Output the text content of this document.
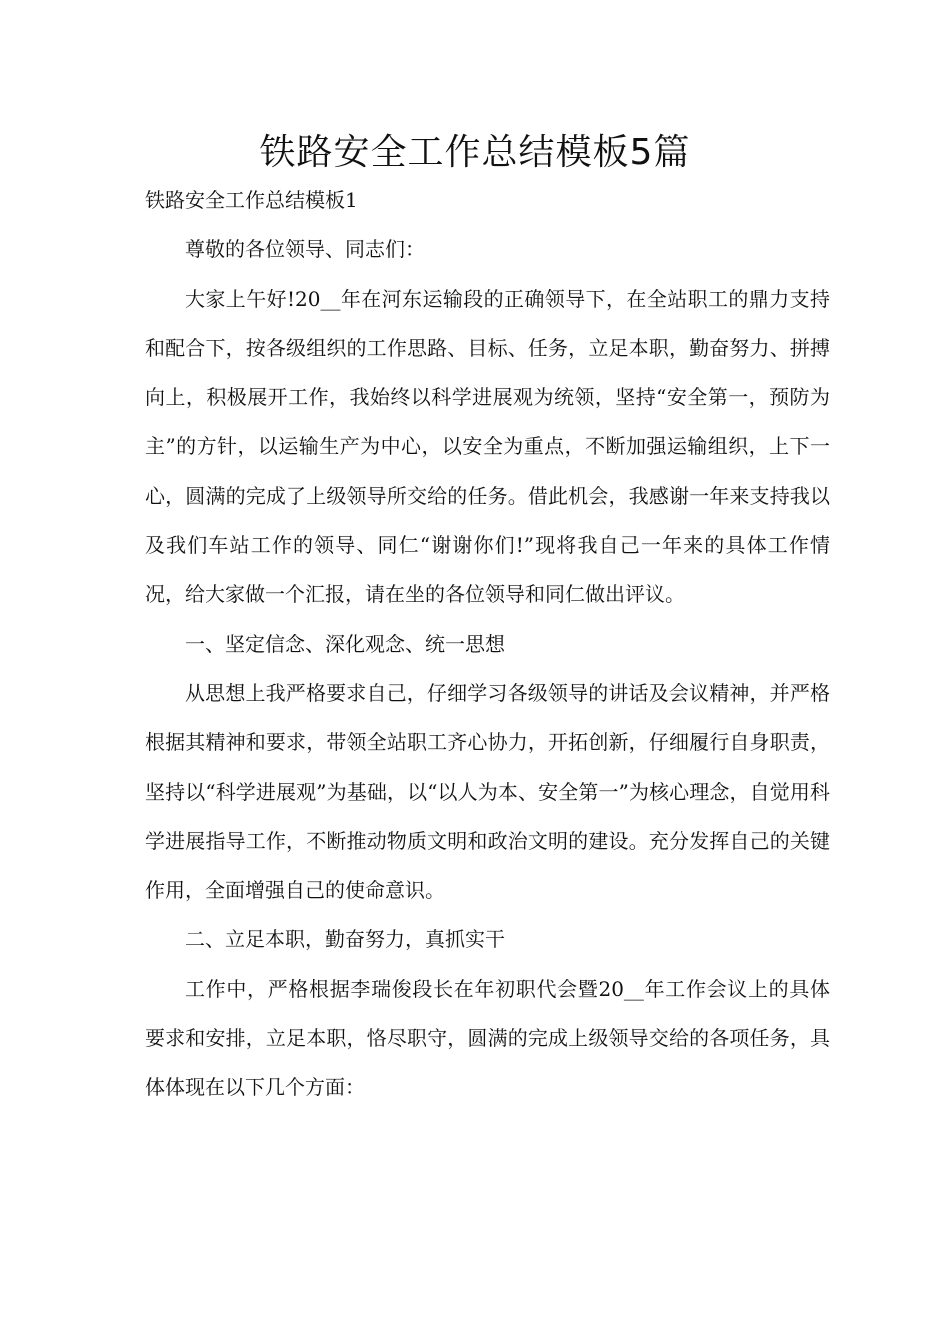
铁路安全工作总结模板5篇

铁路安全工作总结模板1

尊敬的各位领导、同志们：

大家上午好!20__年在河东运输段的正确领导下，在全站职工的鼎力支持和配合下，按各级组织的工作思路、目标、任务，立足本职，勤奋努力、拼搏向上，积极展开工作，我始终以科学进展观为统领，坚持“安全第一，预防为主”的方针，以运输生产为中心，以安全为重点，不断加强运输组织，上下一心，圆满的完成了上级领导所交给的任务。借此机会，我感谢一年来支持我以及我们车站工作的领导、同仁“谢谢你们!”现将我自己一年来的具体工作情况，给大家做一个汇报，请在坐的各位领导和同仁做出评议。

一、坚定信念、深化观念、统一思想

从思想上我严格要求自己，仔细学习各级领导的讲话及会议精神，并严格根据其精神和要求，带领全站职工齐心协力，开拓创新，仔细履行自身职责，坚持以“科学进展观”为基础，以“以人为本、安全第一”为核心理念，自觉用科学进展指导工作，不断推动物质文明和政治文明的建设。充分发挥自己的关键作用，全面增强自己的使命意识。

二、立足本职，勤奋努力，真抓实干

工作中，严格根据李瑞俊段长在年初职代会暨20__年工作会议上的具体要求和安排，立足本职，恪尽职守，圆满的完成上级领导交给的各项任务，具体体现在以下几个方面：
